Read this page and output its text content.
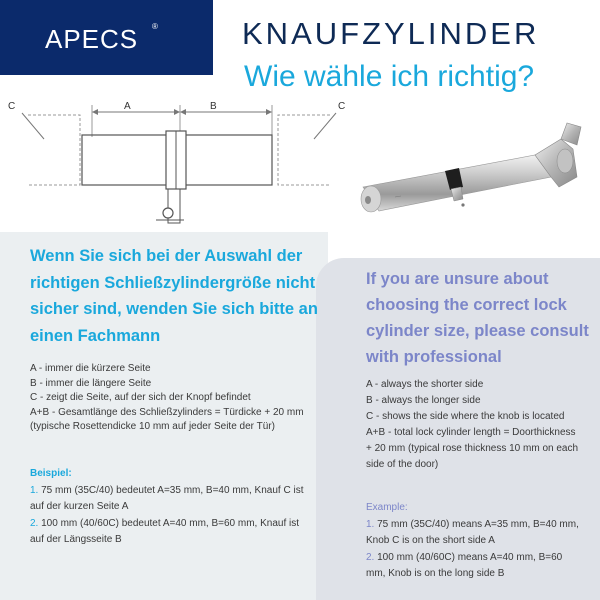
APECS ®	KNAUFZYLINDER
Wie wähle ich richtig?
A	B
C	C
Wenn Sie sich bei der Auswahl der
richtigen Schließzylindergröße nicht
sicher sind, wenden Sie sich bitte an
einen Fachmann
A - immer die kürzere Seite
B - immer die längere Seite
C - zeigt die Seite, auf der sich der Knopf befindet
A+B - Gesamtlänge des Schließzylinders = Türdicke + 20 mm
(typische Rosettendicke 10 mm auf jeder Seite der Tür)
Beispiel:
1. 75 mm (35C/40) bedeutet A=35 mm, B=40 mm, Knauf C ist
auf der kurzen Seite A
2. 100 mm (40/60C) bedeutet A=40 mm, B=60 mm, Knauf ist
auf der Längsseite B
If you are unsure about
choosing the correct lock
cylinder size, please consult
with professional
A - always the shorter side
B - always the longer side
C - shows the side where the knob is located
A+B - total lock cylinder length = Doorthickness
+ 20 mm (typical rose thickness 10 mm on each
side of the door)
Example:
1. 75 mm (35C/40) means A=35 mm, B=40 mm,
Knob C is on the short side A
2. 100 mm (40/60C) means A=40 mm, B=60
mm, Knob is on the long side B
